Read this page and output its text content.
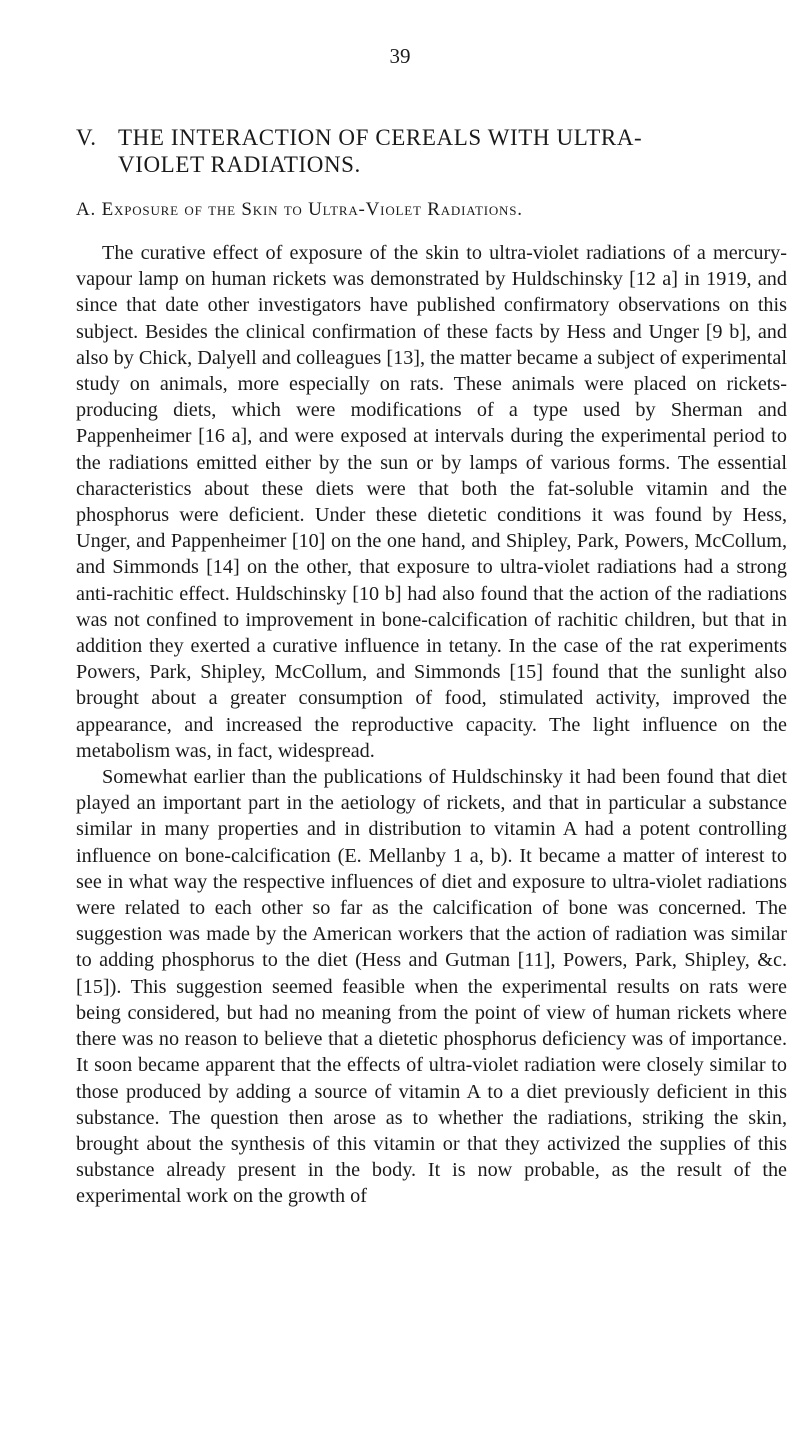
39
V. THE INTERACTION OF CEREALS WITH ULTRA-
VIOLET RADIATIONS.
A. Exposure of the Skin to Ultra-Violet Radiations.

The curative effect of exposure of the skin to ultra-violet radiations of a mercury-vapour lamp on human rickets was demonstrated by Huldschinsky [12 a] in 1919, and since that date other investigators have published confirmatory observations on this subject. Besides the clinical confirmation of these facts by Hess and Unger [9 b], and also by Chick, Dalyell and colleagues [13], the matter became a subject of experimental study on animals, more especially on rats. These animals were placed on rickets-producing diets, which were modifications of a type used by Sherman and Pappenheimer [16 a], and were exposed at intervals during the experimental period to the radiations emitted either by the sun or by lamps of various forms. The essential characteristics about these diets were that both the fat-soluble vitamin and the phosphorus were deficient. Under these dietetic conditions it was found by Hess, Unger, and Pappenheimer [10] on the one hand, and Shipley, Park, Powers, McCollum, and Simmonds [14] on the other, that exposure to ultra-violet radiations had a strong anti-rachitic effect. Huldschinsky [10 b] had also found that the action of the radiations was not confined to improvement in bone-calcification of rachitic children, but that in addition they exerted a curative influence in tetany. In the case of the rat experiments Powers, Park, Shipley, McCollum, and Simmonds [15] found that the sunlight also brought about a greater consumption of food, stimulated activity, improved the appearance, and increased the reproductive capacity. The light influence on the metabolism was, in fact, widespread.

Somewhat earlier than the publications of Huldschinsky it had been found that diet played an important part in the aetiology of rickets, and that in particular a substance similar in many properties and in distribution to vitamin A had a potent controlling influence on bone-calcification (E. Mellanby 1 a, b). It became a matter of interest to see in what way the respective influences of diet and exposure to ultra-violet radiations were related to each other so far as the calcification of bone was concerned. The suggestion was made by the American workers that the action of radiation was similar to adding phosphorus to the diet (Hess and Gutman [11], Powers, Park, Shipley, &c. [15]). This suggestion seemed feasible when the experimental results on rats were being considered, but had no meaning from the point of view of human rickets where there was no reason to believe that a dietetic phosphorus deficiency was of importance. It soon became apparent that the effects of ultra-violet radiation were closely similar to those produced by adding a source of vitamin A to a diet previously deficient in this substance. The question then arose as to whether the radiations, striking the skin, brought about the synthesis of this vitamin or that they activized the supplies of this substance already present in the body. It is now probable, as the result of the experimental work on the growth of
